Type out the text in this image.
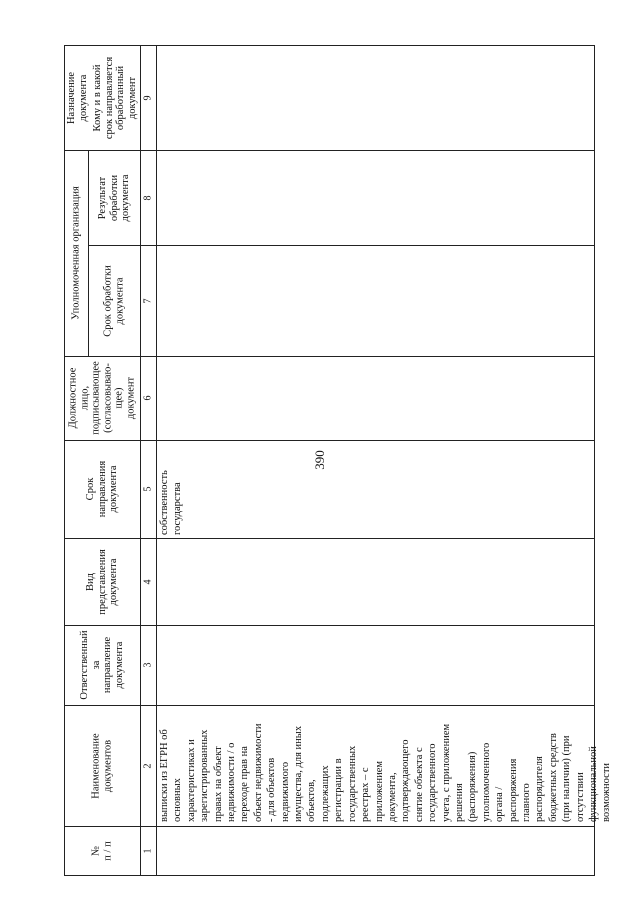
390
№ п / п
Наименование документов
Ответственный за направление документа
Вид представления документа
Срок направления документа
Должностное лицо, подписывающее (согласовываю- щее) документ
Уполномоченная организация Срок обработки документа
Результат обработки документа
Назначение документа Кому и в какой срок направляется обработанный документ
1
2
3
4
5
6
7
8
9
выписки из ЕГРН об основных характеристиках и зарегистрированных правах на объект недвижимости / о переходе прав на объект недвижимости - для объектов недвижимого имущества, для иных объектов, подлежащих регистрации в государственных реестрах – с приложением документа, подтверждающего снятие объекта с государственного учета, с приложением решения (распоряжения) уполномоченного органа / распоряжения главного распорядителя бюджетных средств (при наличии) (при отсутствии функциональной возможности
собственность государства
